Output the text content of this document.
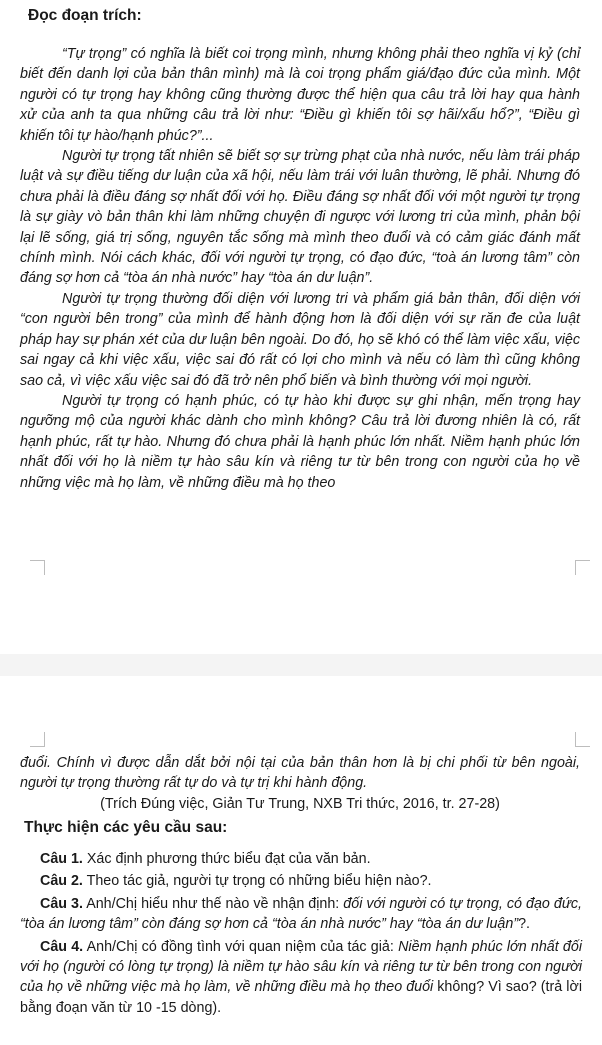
Đọc đoạn trích:

“Tự trọng” có nghĩa là biết coi trọng mình, nhưng không phải theo nghĩa vị kỷ (chỉ biết đến danh lợi của bản thân mình) mà là coi trọng phẩm giá/đạo đức của mình. Một người có tự trọng hay không cũng thường được thể hiện qua câu trả lời hay qua hành xử của anh ta qua những câu trả lời như: “Điều gì khiến tôi sợ hãi/xấu hổ?”, “Điều gì khiến tôi tự hào/hạnh phúc?”...

Người tự trọng tất nhiên sẽ biết sợ sự trừng phạt của nhà nước, nếu làm trái pháp luật và sự điều tiếng dư luận của xã hội, nếu làm trái với luân thường, lẽ phải. Nhưng đó chưa phải là điều đáng sợ nhất đối với họ. Điều đáng sợ nhất đối với một người tự trọng là sự giày vò bản thân khi làm những chuyện đi ngược với lương tri của mình, phản bội lại lẽ sống, giá trị sống, nguyên tắc sống mà mình theo đuổi và có cảm giác đánh mất chính mình. Nói cách khác, đối với người tự trọng, có đạo đức, “toà án lương tâm” còn đáng sợ hơn cả “tòa án nhà nước” hay “tòa án dư luận”.

Người tự trọng thường đối diện với lương tri và phẩm giá bản thân, đối diện với “con người bên trong” của mình để hành động hơn là đối diện với sự răn đe của luật pháp hay sự phán xét của dư luận bên ngoài. Do đó, họ sẽ khó có thể làm việc xấu, việc sai ngay cả khi việc xấu, việc sai đó rất có lợi cho mình và nếu có làm thì cũng không sao cả, vì việc xấu việc sai đó đã trở nên phổ biến và bình thường với mọi người.

Người tự trọng có hạnh phúc, có tự hào khi được sự ghi nhận, mến trọng hay ngưỡng mộ của người khác dành cho mình không? Câu trả lời đương nhiên là có, rất hạnh phúc, rất tự hào. Nhưng đó chưa phải là hạnh phúc lớn nhất. Niềm hạnh phúc lớn nhất đối với họ là niềm tự hào sâu kín và riêng tư từ bên trong con người của họ về những việc mà họ làm, về những điều mà họ theo

đuổi. Chính vì được dẫn dắt bởi nội tại của bản thân hơn là bị chi phối từ bên ngoài, người tự trọng thường rất tự do và tự trị khi hành động.

(Trích Đúng việc, Giản Tư Trung, NXB Tri thức, 2016, tr. 27-28)
Thực hiện các yêu cầu sau:

Câu 1. Xác định phương thức biểu đạt của văn bản.

Câu 2. Theo tác giả, người tự trọng có những biểu hiện nào?.

Câu 3. Anh/Chị hiểu như thế nào về nhận định: đối với người có tự trọng, có đạo đức, “tòa án lương tâm” còn đáng sợ hơn cả “tòa án nhà nước” hay “tòa án dư luận”?.

Câu 4. Anh/Chị có đồng tình với quan niệm của tác giả: Niềm hạnh phúc lớn nhất đối với họ (người có lòng tự trọng) là niềm tự hào sâu kín và riêng tư từ bên trong con người của họ về những việc mà họ làm, về những điều mà họ theo đuổi không? Vì sao? (trả lời bằng đoạn văn từ 10 -15 dòng).
